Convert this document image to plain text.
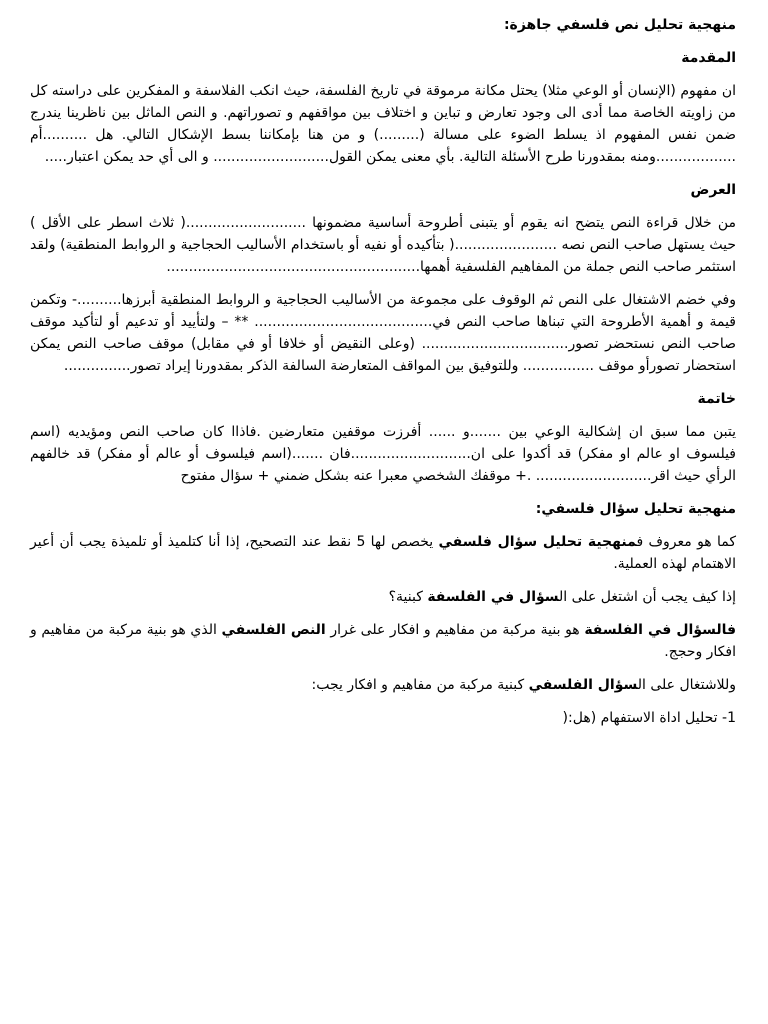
منهجية تحليل نص فلسفي جاهزة:
المقدمة

ان مفهوم (الإنسان أو الوعي مثلا) يحتل مكانة مرموقة في تاريخ الفلسفة، حيث انكب الفلاسفة و المفكرين على دراسته كل من زاويته الخاصة مما أدى الى وجود تعارض و تباين و اختلاف بين مواقفهم و تصوراتهم. و النص الماثل بين ناظرينا يندرج ضمن نفس المفهوم اذ يسلط الضوء على مسالة (.........) و من هنا بإمكاننا بسط الإشكال التالي. هل ..........أم ..................ومنه بمقدورنا طرح الأسئلة التالية. بأي معنى يمكن القول.......................... و الى أي حد يمكن اعتبار.....

العرض

من خلال قراءة النص يتضح انه يقوم أو يتبنى أطروحة أساسية مضمونها ...........................( ثلاث اسطر على الأقل ) حيث يستهل صاحب النص نصه .......................( بتأكيده أو نفيه أو باستخدام الأساليب الحجاجية و الروابط المنطقية) ولقد استثمر صاحب النص جملة من المفاهيم الفلسفية أهمها.........................................................

وفي خضم الاشتغال على النص ثم الوقوف على مجموعة من الأساليب الحجاجية و الروابط المنطقية أبرزها..........- وتكمن قيمة و أهمية الأطروحة التي تبناها صاحب النص في........................................ ** – ولتأييد أو تدعيم أو لتأكيد موقف صاحب النص نستحضر تصور................................. (وعلى النقيض أو خلافا أو في مقابل) موقف صاحب النص يمكن استحضار تصورأو موقف ................ وللتوفيق بين المواقف المتعارضة السالفة الذكر بمقدورنا إيراد تصور...............

خاتمة

يتبن مما سبق ان إشكالية الوعي بين .......و ...... أفرزت موقفين متعارضين .فاذاا كان صاحب النص ومؤيديه (اسم فيلسوف او عالم او مفكر) قد أكدوا على ان...........................فان .......(اسم فيلسوف أو عالم أو مفكر) قد خالفهم الرأي حيث اقر.......................... .+ موقفك الشخصي معبرا عنه بشكل ضمني + سؤال مفتوح

منهجية تحليل سؤال فلسفي:

كما هو معروف فمنهجية تحليل سؤال فلسفي يخصص لها 5 نقط عند التصحيح، إذا أنا كتلميذ أو تلميذة يجب أن أعير الاهتمام لهذه العملية.

إذا كيف يجب أن اشتغل على السؤال في الفلسفة كبنية؟

فالسؤال في الفلسفة هو بنية مركبة من مفاهيم و افكار على غرار النص الفلسفي الذي هو بنية مركبة من مفاهيم و افكار وحجج.

وللاشتغال على السؤال الفلسفي كبنية مركبة من مفاهيم و افكار يجب:

1- تحليل اداة الاستفهام (هل:(
